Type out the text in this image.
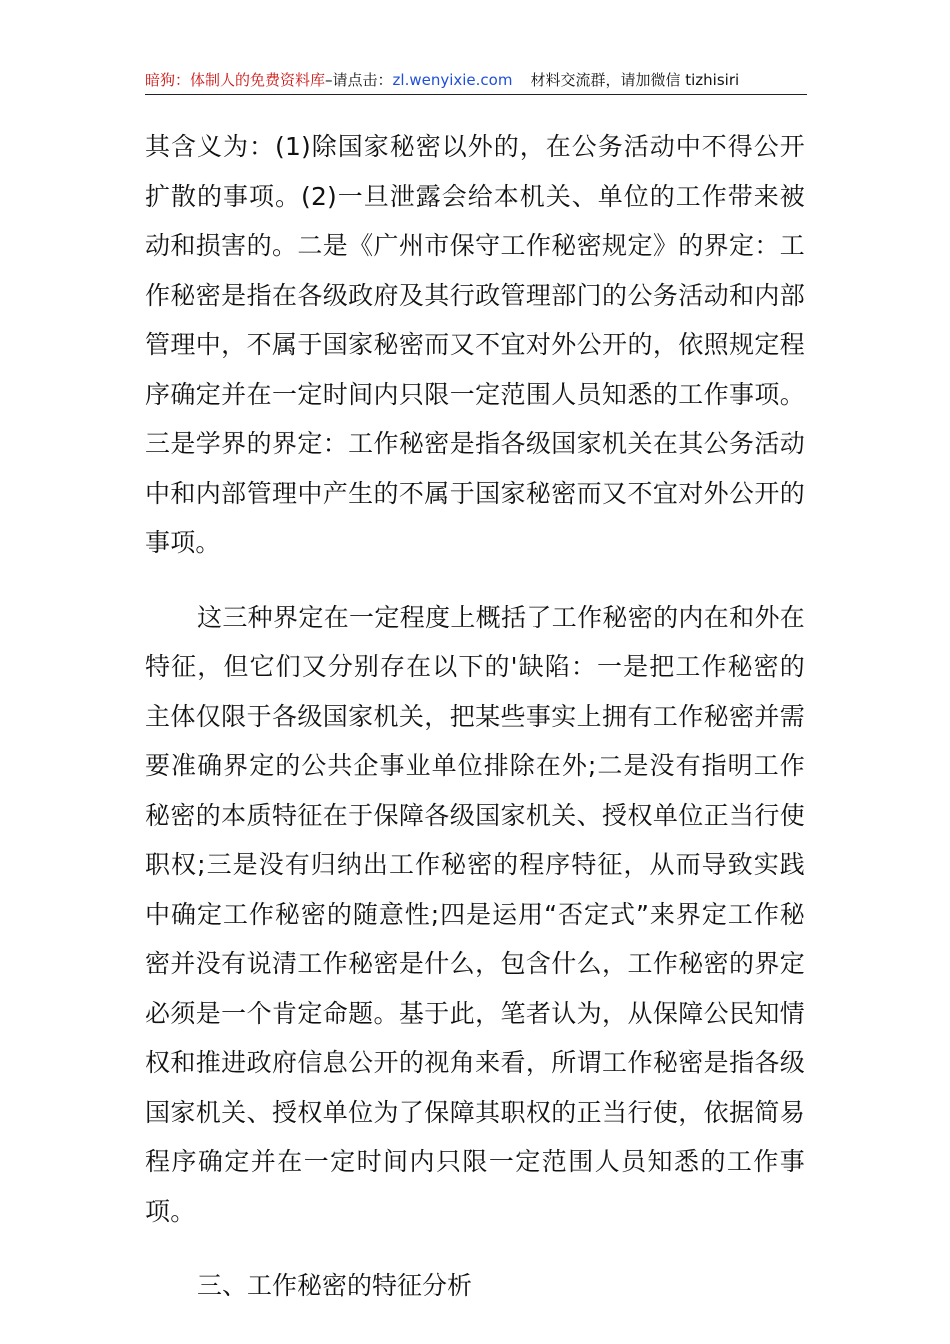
暗狗：体制人的免费资料库–请点击：zl.wenyixie.com 材料交流群，请加微信 tizhisiri

其含义为：(1)除国家秘密以外的，在公务活动中不得公开扩散的事项。(2)一旦泄露会给本机关、单位的工作带来被动和损害的。二是《广州市保守工作秘密规定》的界定：工作秘密是指在各级政府及其行政管理部门的公务活动和内部管理中，不属于国家秘密而又不宜对外公开的，依照规定程序确定并在一定时间内只限一定范围人员知悉的工作事项。三是学界的界定：工作秘密是指各级国家机关在其公务活动中和内部管理中产生的不属于国家秘密而又不宜对外公开的事项。

这三种界定在一定程度上概括了工作秘密的内在和外在特征，但它们又分别存在以下的'缺陷：一是把工作秘密的主体仅限于各级国家机关，把某些事实上拥有工作秘密并需要准确界定的公共企事业单位排除在外;二是没有指明工作秘密的本质特征在于保障各级国家机关、授权单位正当行使职权;三是没有归纳出工作秘密的程序特征，从而导致实践中确定工作秘密的随意性;四是运用“否定式”来界定工作秘密并没有说清工作秘密是什么，包含什么，工作秘密的界定必须是一个肯定命题。基于此，笔者认为，从保障公民知情权和推进政府信息公开的视角来看，所谓工作秘密是指各级国家机关、授权单位为了保障其职权的正当行使，依据简易程序确定并在一定时间内只限一定范围人员知悉的工作事项。

三、工作秘密的特征分析
